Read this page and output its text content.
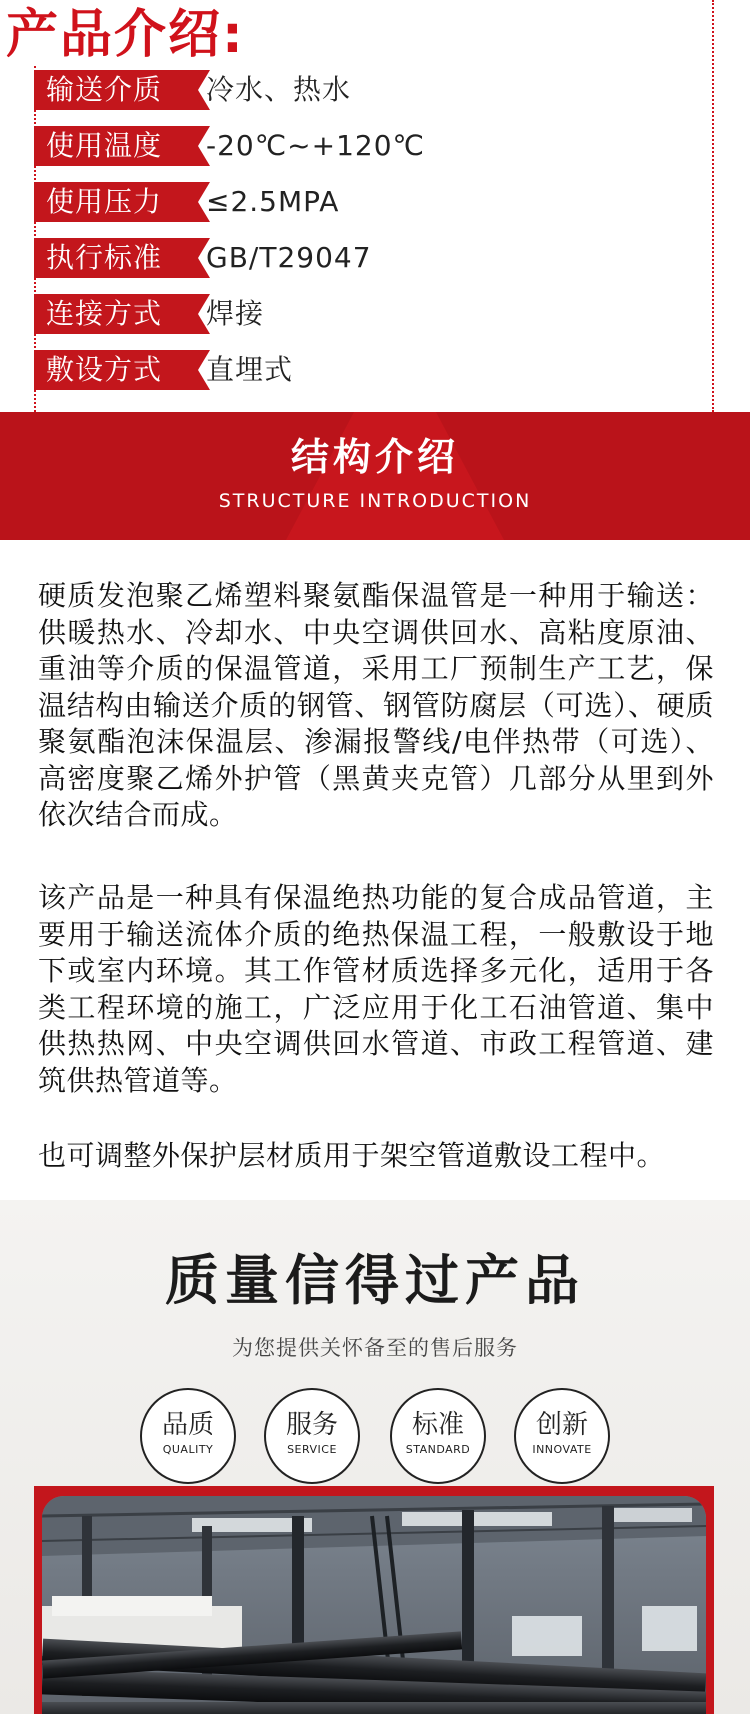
产品介绍:
输送介质	冷水、热水
使用温度	-20℃~+120℃
使用压力	≤2.5MPA
执行标准	GB/T29047
连接方式	焊接
敷设方式	直埋式
结构介绍
STRUCTURE INTRODUCTION
硬质发泡聚乙烯塑料聚氨酯保温管是一种用于输送：供暖热水、冷却水、中央空调供回水、高粘度原油、重油等介质的保温管道，采用工厂预制生产工艺，保温结构由输送介质的钢管、钢管防腐层（可选）、硬质聚氨酯泡沫保温层、渗漏报警线/电伴热带（可选）、高密度聚乙烯外护管（黑黄夹克管）几部分从里到外依次结合而成。
该产品是一种具有保温绝热功能的复合成品管道，主要用于输送流体介质的绝热保温工程，一般敷设于地下或室内环境。其工作管材质选择多元化，适用于各类工程环境的施工，广泛应用于化工石油管道、集中供热热网、中央空调供回水管道、市政工程管道、建筑供热管道等。
也可调整外保护层材质用于架空管道敷设工程中。
质量信得过产品
为您提供关怀备至的售后服务
品质
QUALITY
服务
SERVICE
标准
STANDARD
创新
INNOVATE
